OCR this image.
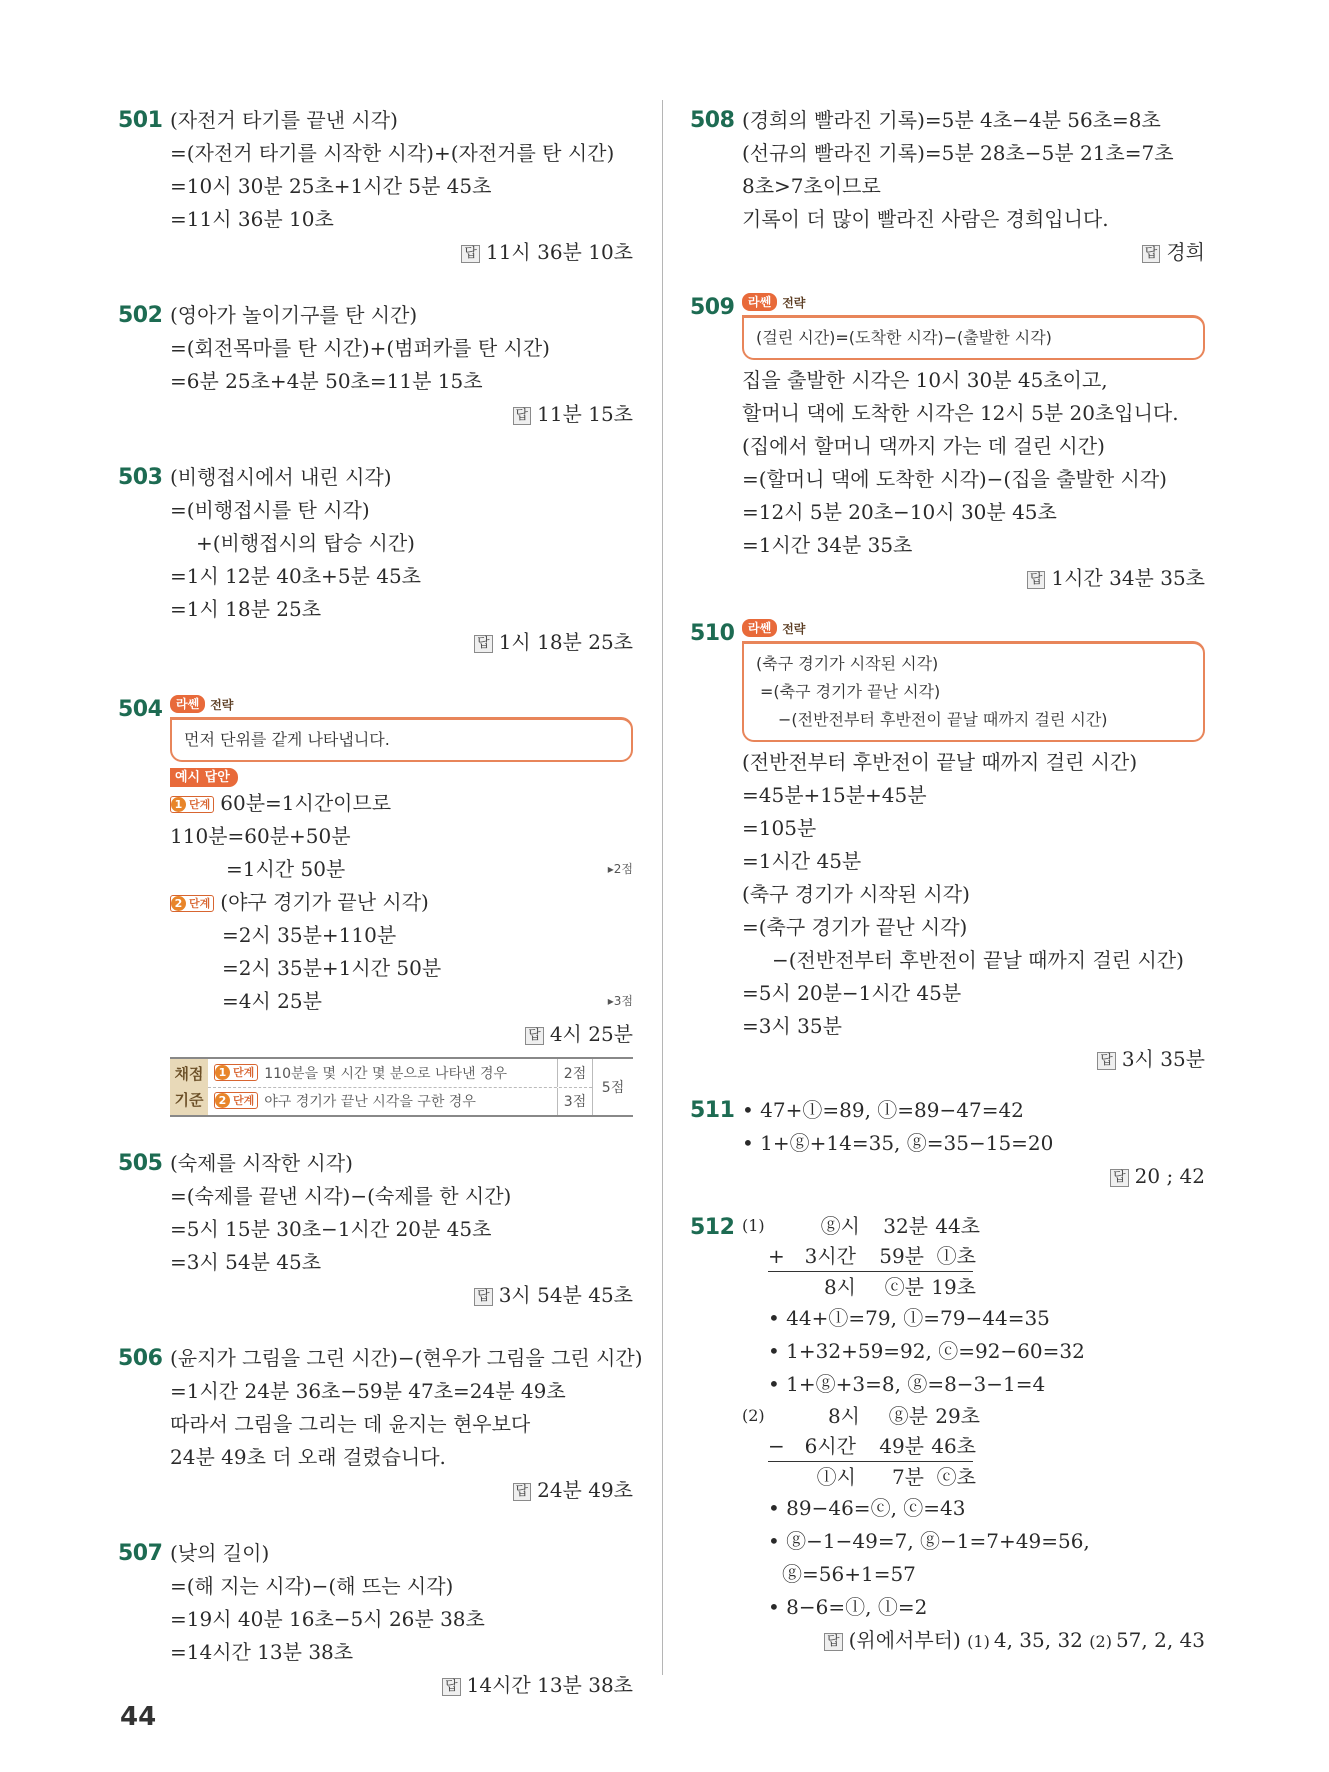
501 (자전거 타기를 끝낸 시각)
=(자전거 타기를 시작한 시각)+(자전거를 탄 시간)
=10시 30분 25초+1시간 5분 45초
=11시 36분 10초
답 11시 36분 10초
502 (영아가 놀이기구를 탄 시간)
=(회전목마를 탄 시간)+(범퍼카를 탄 시간)
=6분 25초+4분 50초=11분 15초
답 11분 15초
503 (비행접시에서 내린 시각)
=(비행접시를 탄 시각)
+(비행접시의 탑승 시간)
=1시 12분 40초+5분 45초
=1시 18분 25초
답 1시 18분 25초
504	라쎈 전략
먼저 단위를 같게 나타냅니다.
예시 답안
1 단계 60분=1시간이므로
110분=60분+50분
=1시간 50분	▸2점
2 단계 (야구 경기가 끝난 시각)
=2시 35분+110분
=2시 35분+1시간 50분
=4시 25분	▸3점
답 4시 25분
채점
기준
1 단계 110분을 몇 시간 몇 분으로 나타낸 경우	2점
2 단계 야구 경기가 끝난 시각을 구한 경우	3점
5점
505 (숙제를 시작한 시각)
=(숙제를 끝낸 시각)−(숙제를 한 시간)
=5시 15분 30초−1시간 20분 45초
=3시 54분 45초
답 3시 54분 45초
506 (윤지가 그림을 그린 시간)−(현우가 그림을 그린 시간)
=1시간 24분 36초−59분 47초=24분 49초
따라서 그림을 그리는 데 윤지는 현우보다
24분 49초 더 오래 걸렸습니다.
답 24분 49초
507 (낮의 길이)
=(해 지는 시각)−(해 뜨는 시각)
=19시 40분 16초−5시 26분 38초
=14시간 13분 38초
답 14시간 13분 38초
508 (경희의 빨라진 기록)=5분 4초−4분 56초=8초
(선규의 빨라진 기록)=5분 28초−5분 21초=7초
8초>7초이므로
기록이 더 많이 빨라진 사람은 경희입니다.
답 경희
509	라쎈 전략
(걸린 시간)=(도착한 시각)−(출발한 시각)
집을 출발한 시각은 10시 30분 45초이고,
할머니 댁에 도착한 시각은 12시 5분 20초입니다.
(집에서 할머니 댁까지 가는 데 걸린 시간)
=(할머니 댁에 도착한 시각)−(집을 출발한 시각)
=12시 5분 20초−10시 30분 45초
=1시간 34분 35초
답 1시간 34분 35초
510	라쎈 전략
(축구 경기가 시작된 시각)
=(축구 경기가 끝난 시각)
−(전반전부터 후반전이 끝날 때까지 걸린 시간)
(전반전부터 후반전이 끝날 때까지 걸린 시간)
=45분+15분+45분
=105분
=1시간 45분
(축구 경기가 시작된 시각)
=(축구 경기가 끝난 시각)
−(전반전부터 후반전이 끝날 때까지 걸린 시간)
=5시 20분−1시간 45분
=3시 35분
답 3시 35분
511 • 47+ⓛ=89, ⓛ=89−47=42
• 1+ⓖ+14=35, ⓖ=35−15=20
답 20 ; 42
512 (1)	ⓖ시	32분 44초
+ 3시간	59분 ⓛ초
8시	ⓒ분 19초
• 44+ⓛ=79, ⓛ=79−44=35
• 1+32+59=92, ⓒ=92−60=32
• 1+ⓖ+3=8, ⓖ=8−3−1=4
(2)	8시	ⓖ분 29초
− 6시간	49분 46초
ⓛ시	7분 ⓒ초
• 89−46=ⓒ, ⓒ=43
• ⓖ−1−49=7, ⓖ−1=7+49=56,
ⓖ=56+1=57
• 8−6=ⓛ, ⓛ=2
답 (위에서부터) (1) 4, 35, 32 (2) 57, 2, 43
44
